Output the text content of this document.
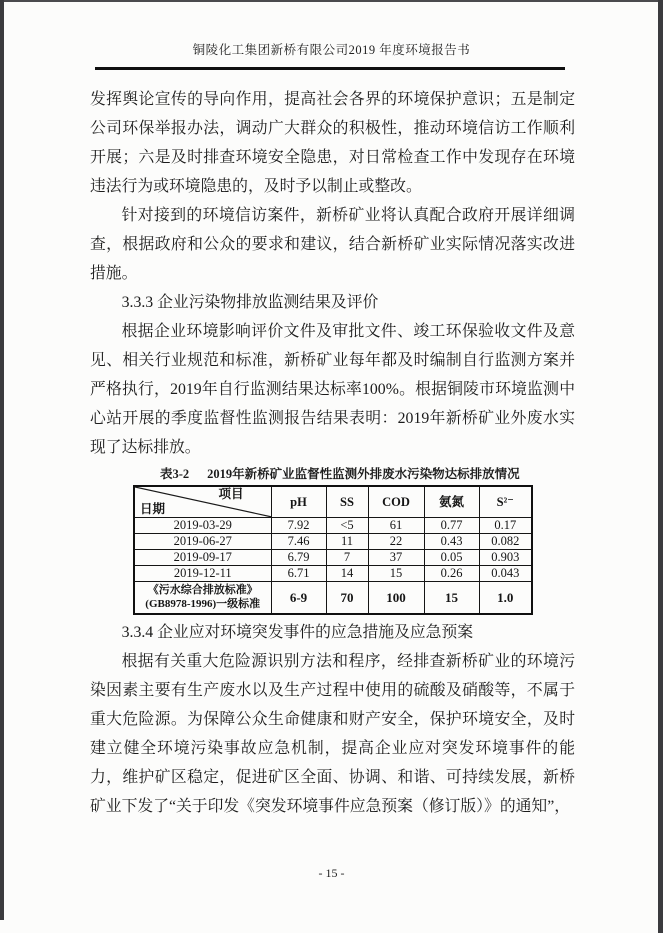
铜陵化工集团新桥有限公司2019 年度环境报告书

发挥舆论宣传的导向作用，提高社会各界的环境保护意识；五是制定公司环保举报办法，调动广大群众的积极性，推动环境信访工作顺利开展；六是及时排查环境安全隐患，对日常检查工作中发现存在环境违法行为或环境隐患的，及时予以制止或整改。

针对接到的环境信访案件，新桥矿业将认真配合政府开展详细调查，根据政府和公众的要求和建议，结合新桥矿业实际情况落实改进措施。

3.3.3 企业污染物排放监测结果及评价

根据企业环境影响评价文件及审批文件、竣工环保验收文件及意见、相关行业规范和标准，新桥矿业每年都及时编制自行监测方案并严格执行，2019年自行监测结果达标率100%。根据铜陵市环境监测中心站开展的季度监督性监测报告结果表明：2019年新桥矿业外废水实现了达标排放。

表3-2 2019年新桥矿业监督性监测外排废水污染物达标排放情况
项目
日期	pH	SS	COD	氨氮	S²⁻
2019-03-29	7.92	<5	61	0.77	0.17
2019-06-27	7.46	11	22	0.43	0.082
2019-09-17	6.79	7	37	0.05	0.903
2019-12-11	6.71	14	15	0.26	0.043

《污水综合排放标准》
(GB8978-1996)一级标准	6-9	70	100	15	1.0

3.3.4 企业应对环境突发事件的应急措施及应急预案

根据有关重大危险源识别方法和程序，经排查新桥矿业的环境污染因素主要有生产废水以及生产过程中使用的硫酸及硝酸等，不属于重大危险源。为保障公众生命健康和财产安全，保护环境安全，及时建立健全环境污染事故应急机制，提高企业应对突发环境事件的能力，维护矿区稳定，促进矿区全面、协调、和谐、可持续发展，新桥矿业下发了“关于印发《突发环境事件应急预案（修订版）》的通知”，

- 15 -
